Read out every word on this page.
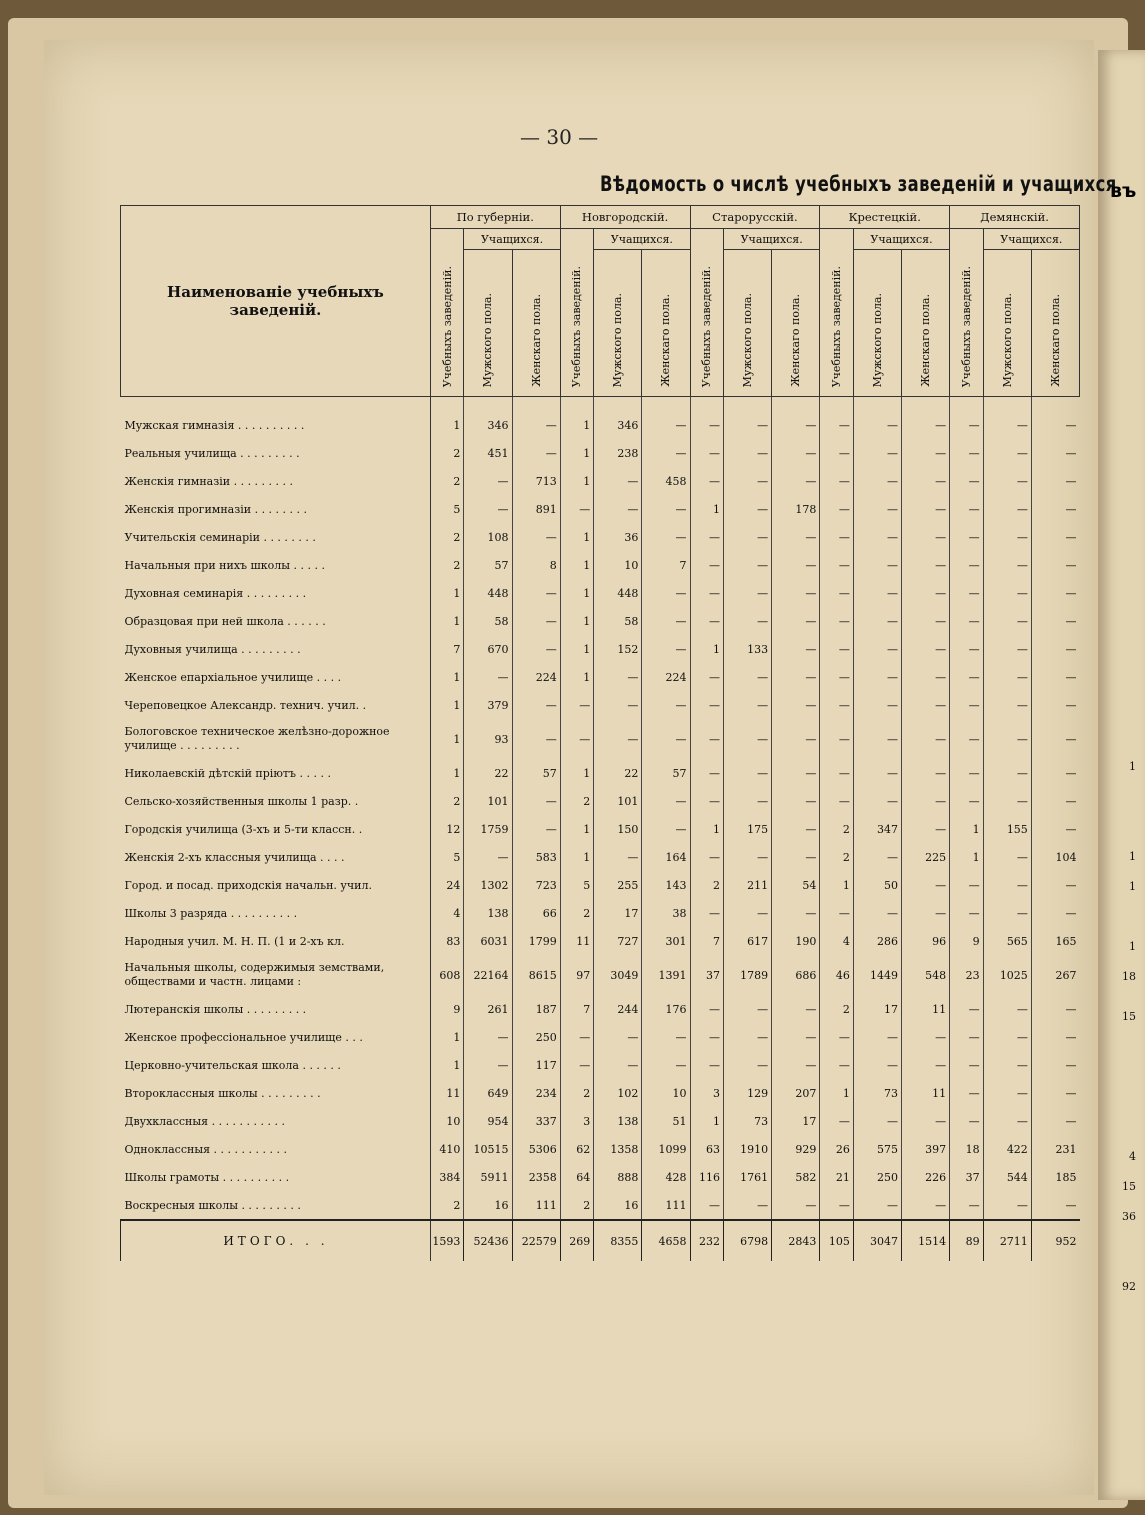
— 30 —
Вѣдомость о числѣ учебныхъ заведеній и учащихся
въ
Наименованіе учебныхъ заведеній.	По губерніи.			Новгородскій.			Старорусскій.			Крестецкій.			Демянскій.		
	Учебныхъ заведеній.	Учащихся.		Учебныхъ заведеній.	Учащихся.		Учебныхъ заведеній.	Учащихся.		Учебныхъ заведеній.	Учащихся.		Учебныхъ заведеній.	Учащихся.	
		Мужского пола.	Женскаго пола.		Мужского пола.	Женскаго пола.		Мужского пола.	Женскаго пола.		Мужского пола.	Женскаго пола.		Мужского пола.	Женскаго пола.
Мужская гимназія . . . . . . . . . .	1	346	—	1	346	—	—	—	—	—	—	—	—	—	—
Реальныя училища . . . . . . . . .	2	451	—	1	238	—	—	—	—	—	—	—	—	—	—
Женскія гимназіи . . . . . . . . .	2	—	713	1	—	458	—	—	—	—	—	—	—	—	—
Женскія прогимназіи . . . . . . . .	5	—	891	—	—	—	1	—	178	—	—	—	—	—	—
Учительскія семинаріи . . . . . . . .	2	108	—	1	36	—	—	—	—	—	—	—	—	—	—
Начальныя при нихъ школы . . . . .	2	57	8	1	10	7	—	—	—	—	—	—	—	—	—
Духовная семинарія . . . . . . . . .	1	448	—	1	448	—	—	—	—	—	—	—	—	—	—
Образцовая при ней школа . . . . . .	1	58	—	1	58	—	—	—	—	—	—	—	—	—	—
Духовныя училища . . . . . . . . .	7	670	—	1	152	—	1	133	—	—	—	—	—	—	—
Женское епархіальное училище . . . .	1	—	224	1	—	224	—	—	—	—	—	—	—	—	—
Череповецкое Александр. технич. учил. .	1	379	—	—	—	—	—	—	—	—	—	—	—	—	—
Бологовское техническое желѣзно-дорожное училище . . . . . . . . .	1	93	—	—	—	—	—	—	—	—	—	—	—	—	—
Николаевскій дѣтскій пріютъ . . . . .	1	22	57	1	22	57	—	—	—	—	—	—	—	—	—
Сельско-хозяйственныя школы 1 разр. .	2	101	—	2	101	—	—	—	—	—	—	—	—	—	—
Городскія училища (3-хъ и 5-ти классн. .	12	1759	—	1	150	—	1	175	—	2	347	—	1	155	—
Женскія 2-хъ классныя училища . . . .	5	—	583	1	—	164	—	—	—	2	—	225	1	—	104
Город. и посад. приходскія начальн. учил.	24	1302	723	5	255	143	2	211	54	1	50	—	—	—	—
Школы 3 разряда . . . . . . . . . .	4	138	66	2	17	38	—	—	—	—	—	—	—	—	—
Народныя учил. М. Н. П. (1 и 2-хъ кл.	83	6031	1799	11	727	301	7	617	190	4	286	96	9	565	165
Начальныя школы, содержимыя земствами, обществами и частн. лицами :	608	22164	8615	97	3049	1391	37	1789	686	46	1449	548	23	1025	267
Лютеранскія школы . . . . . . . . .	9	261	187	7	244	176	—	—	—	2	17	11	—	—	—
Женское профессіональное училище . . .	1	—	250	—	—	—	—	—	—	—	—	—	—	—	—
Церковно-учительская школа . . . . . .	1	—	117	—	—	—	—	—	—	—	—	—	—	—	—
Второклассныя школы . . . . . . . . .	11	649	234	2	102	10	3	129	207	1	73	11	—	—	—
Двухклассныя . . . . . . . . . . .	10	954	337	3	138	51	1	73	17	—	—	—	—	—	—
Одноклассныя . . . . . . . . . . .	410	10515	5306	62	1358	1099	63	1910	929	26	575	397	18	422	231
Школы грамоты . . . . . . . . . .	384	5911	2358	64	888	428	116	1761	582	21	250	226	37	544	185
Воскресныя школы . . . . . . . . .	2	16	111	2	16	111	—	—	—	—	—	—	—	—	—
ИТОГО. . .	1593	52436	22579	269	8355	4658	232	6798	2843	105	3047	1514	89	2711	952
1
1
1
1
18
15
4
15
36
92
